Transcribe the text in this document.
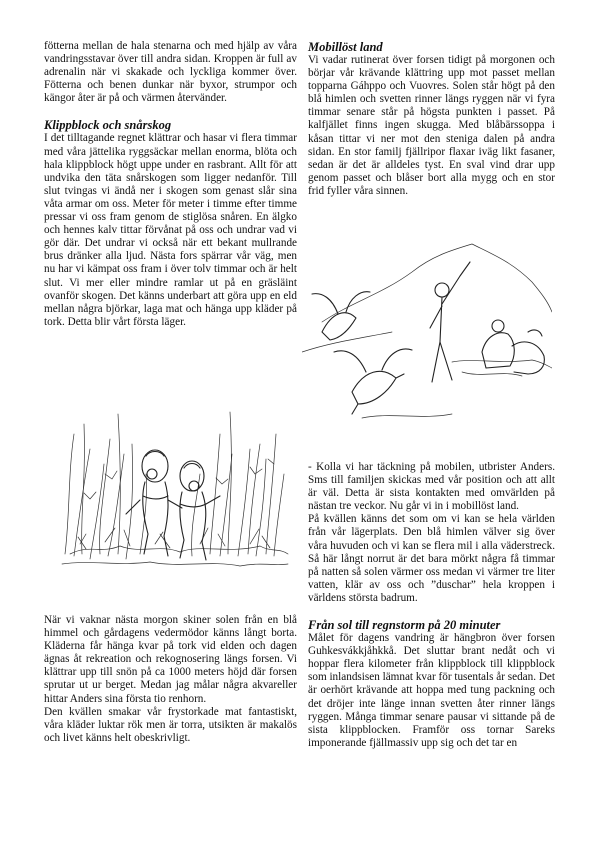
fötterna mellan de hala stenarna och med hjälp av våra vandringsstavar över till andra sidan. Kroppen är full av adrenalin när vi skakade och lyckliga kommer över. Fötterna och benen dunkar när byxor, strumpor och kängor åter är på och värmen återvänder.

Klippblock och snårskog

I det tilltagande regnet klättrar och hasar vi flera timmar med våra jättelika ryggsäckar mellan enorma, blöta och hala klippblock högt uppe under en rasbrant. Allt för att undvika den täta snårskogen som ligger nedanför. Till slut tvingas vi ändå ner i skogen som genast slår sina våta armar om oss. Meter för meter i timme efter timme pressar vi oss fram genom de stiglösa snåren. En älgko och hennes kalv tittar förvånat på oss och undrar vad vi gör där. Det undrar vi också när ett bekant mullrande brus dränker alla ljud. Nästa fors spärrar vår väg, men nu har vi kämpat oss fram i över tolv timmar och är helt slut. Vi mer eller mindre ramlar ut på en gräsläint ovanför skogen. Det känns underbart att göra upp en eld mellan några björkar, laga mat och hänga upp kläder på tork. Detta blir vårt första läger.

När vi vaknar nästa morgon skiner solen från en blå himmel och gårdagens vedermödor känns långt borta. Kläderna får hänga kvar på tork vid elden och dagen ägnas åt rekreation och rekognosering längs forsen. Vi klättrar upp till snön på ca 1000 meters höjd där forsen sprutar ut ur berget. Medan jag målar några akvareller hittar Anders sina första tio renhorn.

Den kvällen smakar vår frystorkade mat fantastiskt, våra kläder luktar rök men är torra, utsikten är makalös och livet känns helt obeskrivligt.

Mobillöst land

Vi vadar rutinerat över forsen tidigt på morgonen och börjar vår krävande klättring upp mot passet mellan topparna Gáhppo och Vuovres. Solen står högt på den blå himlen och svetten rinner längs ryggen när vi fyra timmar senare står på högsta punkten i passet. På kalfjället finns ingen skugga. Med blåbärssoppa i kåsan tittar vi ner mot den steniga dalen på andra sidan. En stor familj fjällripor flaxar iväg likt fasaner, sedan är det är alldeles tyst. En sval vind drar upp genom passet och blåser bort alla mygg och en stor frid fyller våra sinnen.

- Kolla vi har täckning på mobilen, utbrister Anders. Sms till familjen skickas med vår position och att allt är väl. Detta är sista kontakten med omvärlden på nästan tre veckor. Nu går vi in i mobillöst land.

På kvällen känns det som om vi kan se hela världen från vår lägerplats. Den blå himlen välver sig över våra huvuden och vi kan se flera mil i alla väderstreck. Så här långt norrut är det bara mörkt några få timmar på natten så solen värmer oss medan vi värmer tre liter vatten, klär av oss och ”duschar” hela kroppen i världens största badrum.

Från sol till regnstorm på 20 minuter

Målet för dagens vandring är hängbron över forsen Guhkesvákkjåhkkå. Det sluttar brant nedåt och vi hoppar flera kilometer från klippblock till klippblock som inlandsisen lämnat kvar för tusentals år sedan. Det är oerhört krävande att hoppa med tung packning och det dröjer inte länge innan svetten åter rinner längs ryggen. Många timmar senare pausar vi sittande på de sista klippblocken. Framför oss tornar Sareks imponerande fjällmassiv upp sig och det tar en
